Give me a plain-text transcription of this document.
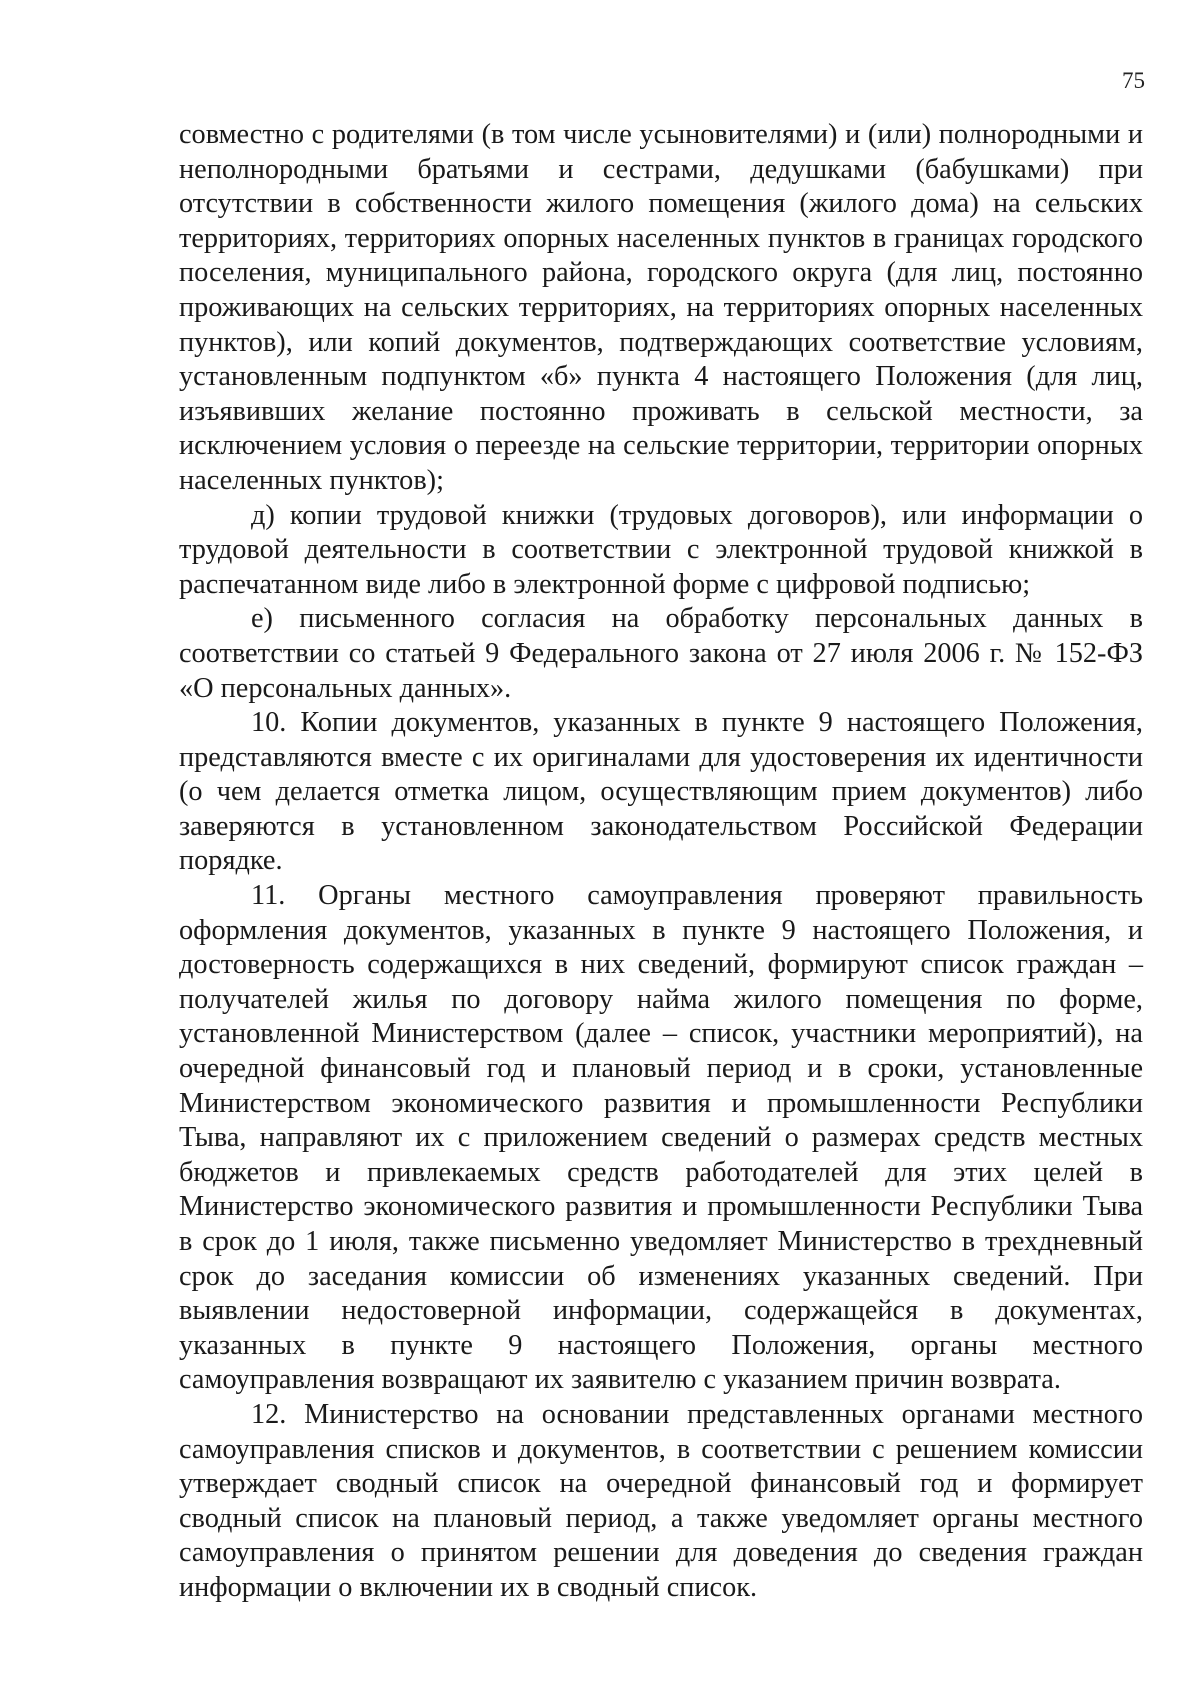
75

совместно с родителями (в том числе усыновителями) и (или) полнородными и неполнородными братьями и сестрами, дедушками (бабушками) при отсутствии в собственности жилого помещения (жилого дома) на сельских территориях, территориях опорных населенных пунктов в границах городского поселения, муниципального района, городского округа (для лиц, постоянно проживающих на сельских территориях, на территориях опорных населенных пунктов), или копий документов, подтверждающих соответствие условиям, установленным подпунктом «б» пункта 4 настоящего Положения (для лиц, изъявивших желание постоянно проживать в сельской местности, за исключением условия о переезде на сельские территории, территории опорных населенных пунктов);

д) копии трудовой книжки (трудовых договоров), или информации о трудовой деятельности в соответствии с электронной трудовой книжкой в распечатанном виде либо в электронной форме с цифровой подписью;

е) письменного согласия на обработку персональных данных в соответствии со статьей 9 Федерального закона от 27 июля 2006 г. № 152-ФЗ «О персональных данных».

10. Копии документов, указанных в пункте 9 настоящего Положения, представляются вместе с их оригиналами для удостоверения их идентичности (о чем делается отметка лицом, осуществляющим прием документов) либо заверяются в установленном законодательством Российской Федерации порядке.

11. Органы местного самоуправления проверяют правильность оформления документов, указанных в пункте 9 настоящего Положения, и достоверность содержащихся в них сведений, формируют список граждан – получателей жилья по договору найма жилого помещения по форме, установленной Министерством (далее – список, участники мероприятий), на очередной финансовый год и плановый период и в сроки, установленные Министерством экономического развития и промышленности Республики Тыва, направляют их с приложением сведений о размерах средств местных бюджетов и привлекаемых средств работодателей для этих целей в Министерство экономического развития и промышленности Республики Тыва в срок до 1 июля, также письменно уведомляет Министерство в трехдневный срок до заседания комиссии об изменениях указанных сведений. При выявлении недостоверной информации, содержащейся в документах, указанных в пункте 9 настоящего Положения, органы местного самоуправления возвращают их заявителю с указанием причин возврата.

12. Министерство на основании представленных органами местного самоуправления списков и документов, в соответствии с решением комиссии утверждает сводный список на очередной финансовый год и формирует сводный список на плановый период, а также уведомляет органы местного самоуправления о принятом решении для доведения до сведения граждан информации о включении их в сводный список.
